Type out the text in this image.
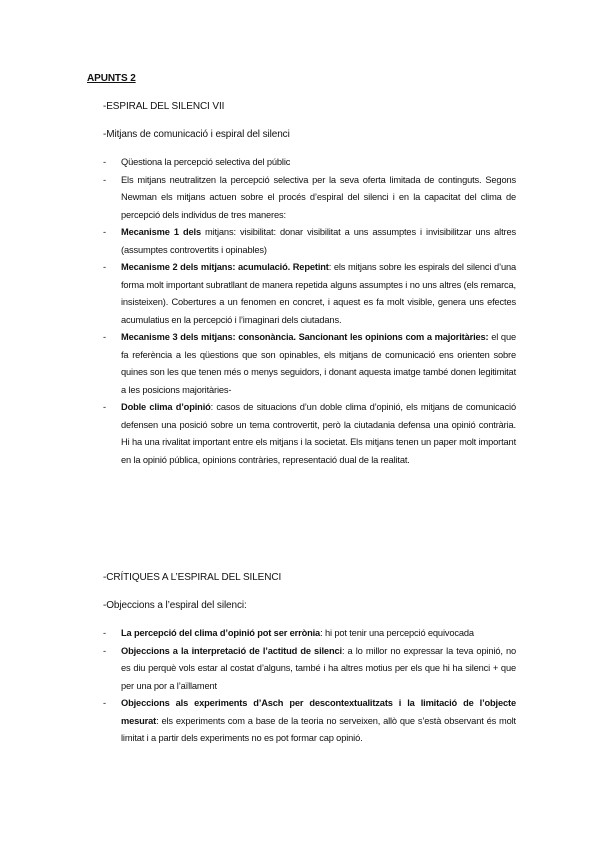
APUNTS 2
-ESPIRAL DEL SILENCI VII
-Mitjans de comunicació i espiral del silenci
- Qüestiona la percepció selectiva del públic
- Els mitjans neutralitzen la percepció selectiva per la seva oferta limitada de continguts. Segons Newman els mitjans actuen sobre el procés d’espiral del silenci i en la capacitat del clima de percepció dels individus de tres maneres:
- Mecanisme 1 dels mitjans: visibilitat: donar visibilitat a uns assumptes i invisibilitzar uns altres (assumptes controvertits i opinables)
- Mecanisme 2 dels mitjans: acumulació. Repetint: els mitjans sobre les espirals del silenci d’una forma molt important subratllant de manera repetida alguns assumptes i no uns altres (els remarca, insisteixen). Cobertures a un fenomen en concret, i aquest es fa molt visible, genera uns efectes acumulatius en la percepció i l’imaginari dels ciutadans.
- Mecanisme 3 dels mitjans: consonància. Sancionant les opinions com a majoritàries: el que fa referència a les qüestions que son opinables, els mitjans de comunicació ens orienten sobre quines son les que tenen més o menys seguidors, i donant aquesta imatge també donen legitimitat a les posicions majoritàries-
- Doble clima d’opinió: casos de situacions d’un doble clima d’opinió, els mitjans de comunicació defensen una posició sobre un tema controvertit, però la ciutadania defensa una opinió contrària. Hi ha una rivalitat important entre els mitjans i la societat. Els mitjans tenen un paper molt important en la opinió pública, opinions contràries, representació dual de la realitat.
-CRÍTIQUES A L’ESPIRAL DEL SILENCI
-Objeccions a l’espiral del silenci:
- La percepció del clima d’opinió pot ser errònia: hi pot tenir una percepció equivocada
- Objeccions a la interpretació de l’actitud de silenci: a lo millor no expressar la teva opinió, no es diu perquè vols estar al costat d’alguns, també i ha altres motius per els que hi ha silenci + que per una por a l’aïllament
- Objeccions als experiments d’Asch per descontextualitzats i la limitació de l’objecte mesurat: els experiments com a base de la teoria no serveixen, allò que s’està observant és molt limitat i a partir dels experiments no es pot formar cap opinió.
